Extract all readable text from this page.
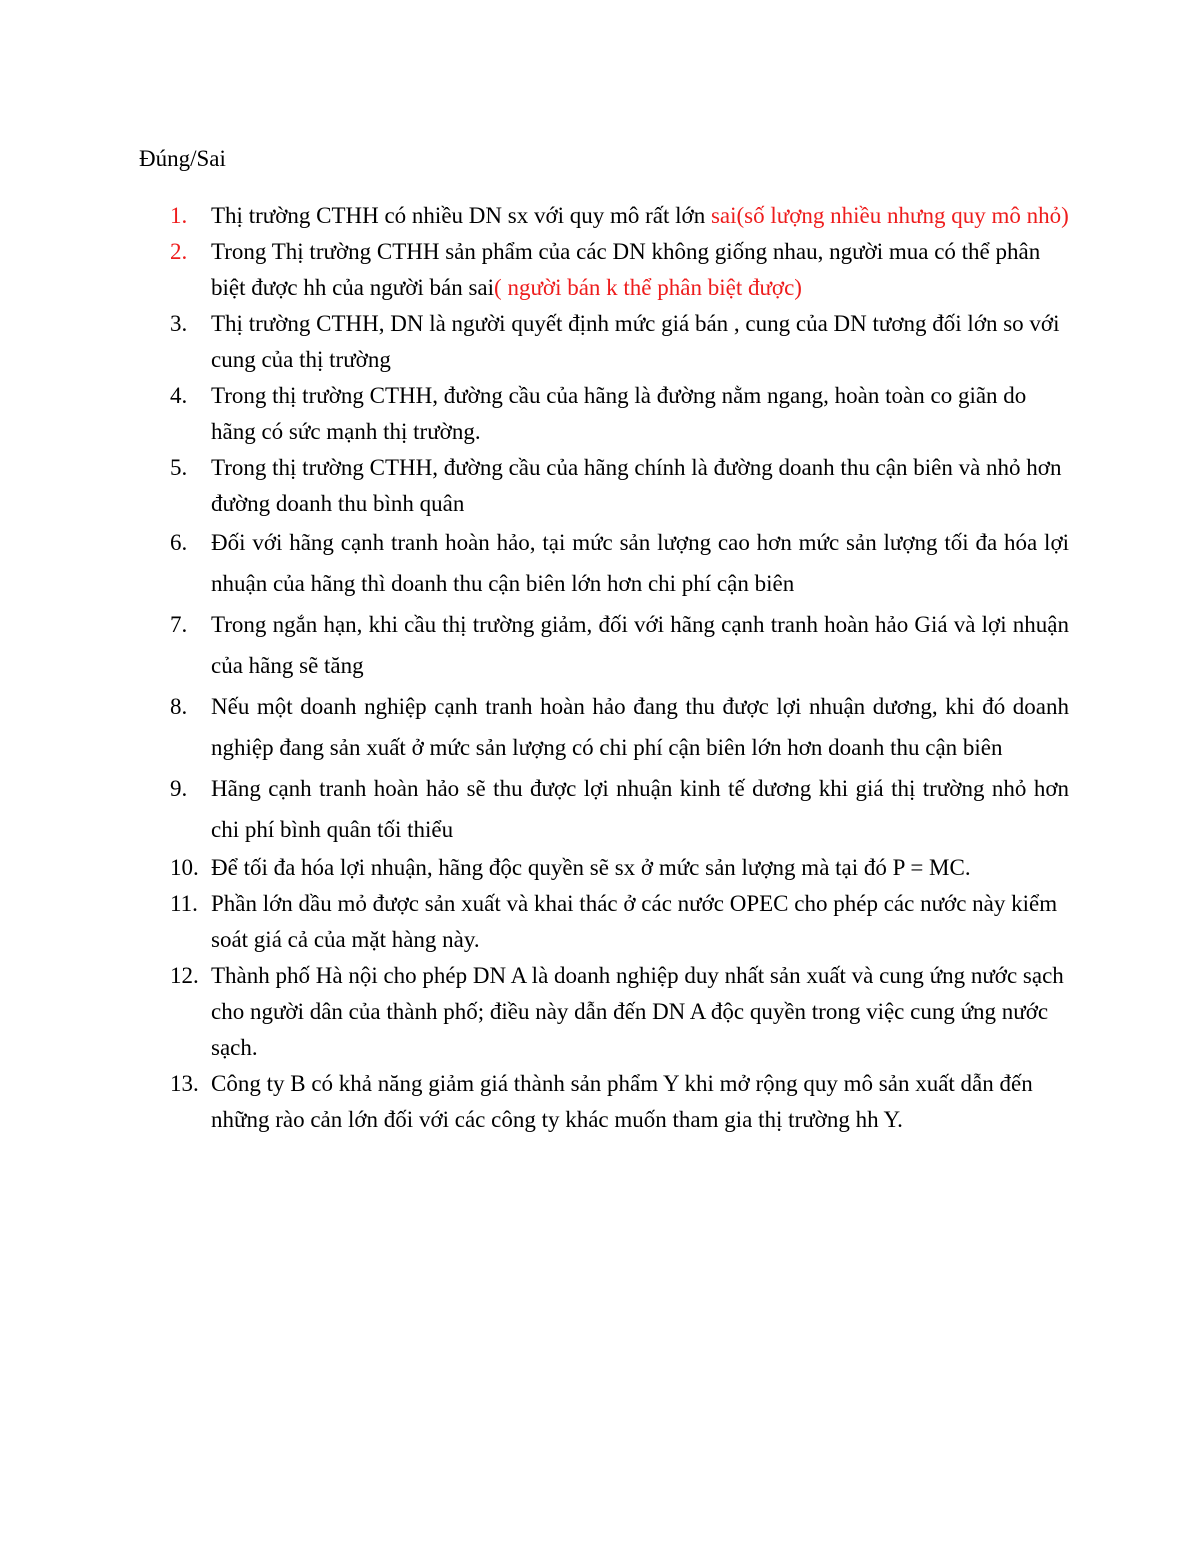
Đúng/Sai
1. Thị trường CTHH có nhiều DN sx với quy mô rất lớn sai(số lượng nhiều nhưng quy mô nhỏ)
2. Trong Thị trường CTHH sản phẩm của các DN không giống nhau, người mua có thể phân biệt được hh của người bán sai( người bán k thể phân biệt được)
3. Thị trường CTHH, DN là người quyết định mức giá bán , cung của DN tương đối lớn so với cung của thị trường
4. Trong thị trường CTHH, đường cầu của hãng là đường nằm ngang, hoàn toàn co giãn do hãng có sức mạnh thị trường.
5. Trong thị trường CTHH, đường cầu của hãng chính là đường doanh thu cận biên và nhỏ hơn đường doanh thu bình quân
6. Đối với hãng cạnh tranh hoàn hảo, tại mức sản lượng cao hơn mức sản lượng tối đa hóa lợi nhuận của hãng thì doanh thu cận biên lớn hơn chi phí cận biên
7. Trong ngắn hạn, khi cầu thị trường giảm, đối với hãng cạnh tranh hoàn hảo Giá và lợi nhuận của hãng sẽ tăng
8. Nếu một doanh nghiệp cạnh tranh hoàn hảo đang thu được lợi nhuận dương, khi đó doanh nghiệp đang sản xuất ở mức sản lượng có chi phí cận biên lớn hơn doanh thu cận biên
9. Hãng cạnh tranh hoàn hảo sẽ thu được lợi nhuận kinh tế dương khi giá thị trường nhỏ hơn chi phí bình quân tối thiểu
10. Để tối đa hóa lợi nhuận, hãng độc quyền sẽ sx ở mức sản lượng mà tại đó P = MC.
11. Phần lớn dầu mỏ được sản xuất và khai thác ở các nước OPEC cho phép các nước này kiểm soát giá cả của mặt hàng này.
12. Thành phố Hà nội cho phép DN A là doanh nghiệp duy nhất sản xuất và cung ứng nước sạch cho người dân của thành phố; điều này dẫn đến DN A độc quyền trong việc cung ứng nước sạch.
13. Công ty B có khả năng giảm giá thành sản phẩm Y khi mở rộng quy mô sản xuất dẫn đến những rào cản lớn đối với các công ty khác muốn tham gia thị trường hh Y.
